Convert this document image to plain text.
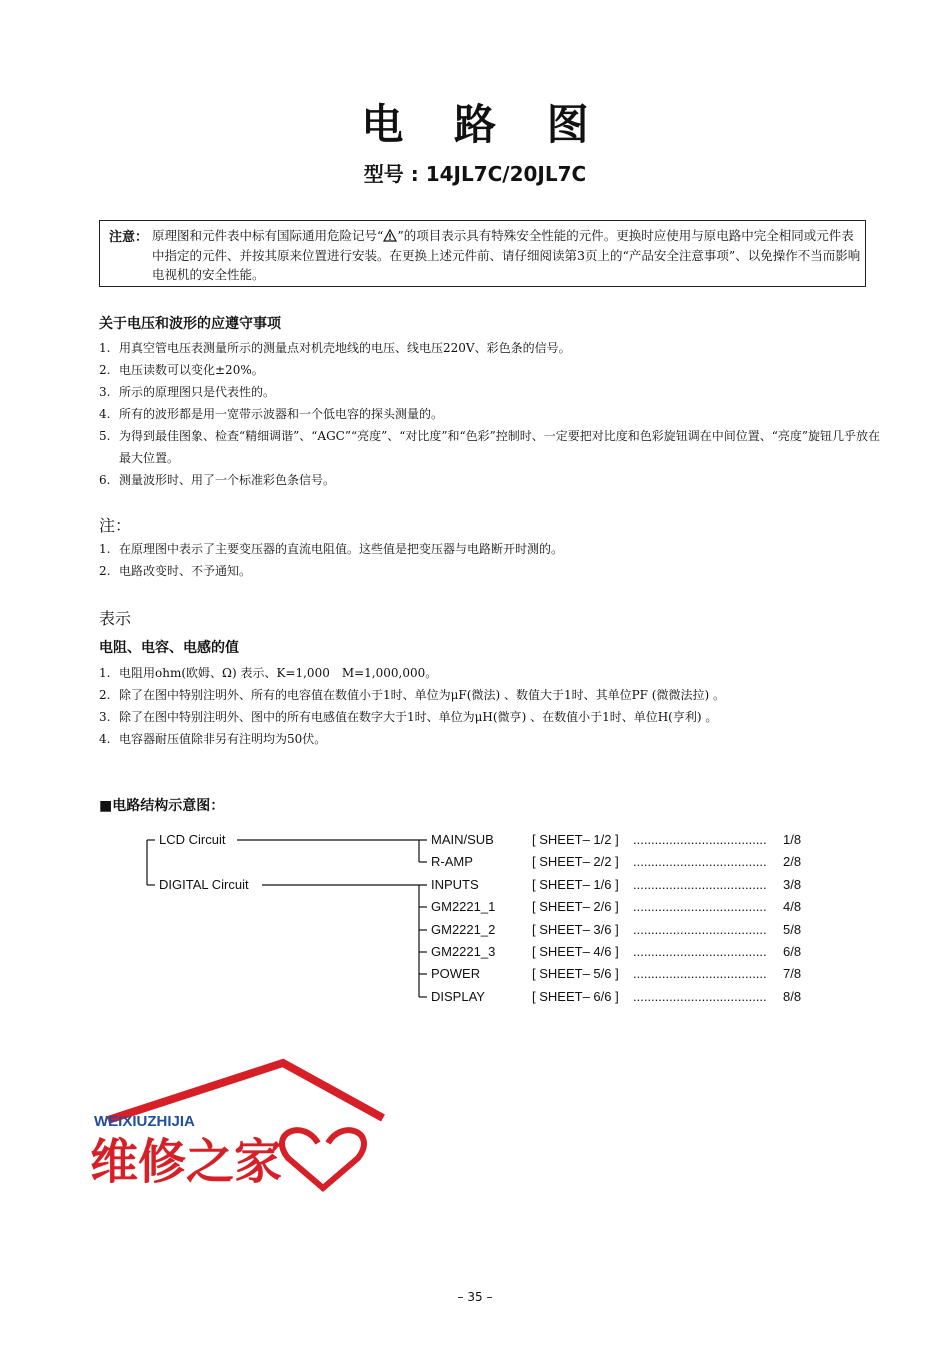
电 路 图
型号 : 14JL7C/20JL7C
注意： 原理图和元件表中标有国际通用危险记号“ ”的项目表示具有特殊安全性能的元件。更换时应使用与原电路中完全相同或元件表中指定的元件、并按其原来位置进行安装。在更换上述元件前、请仔细阅读第3页上的“产品安全注意事项”、以免操作不当而影响电视机的安全性能。
关于电压和波形的应遵守事项
1. 用真空管电压表测量所示的测量点对机壳地线的电压、线电压220V、彩色条的信号。
2. 电压读数可以变化±20%。
3. 所示的原理图只是代表性的。
4. 所有的波形都是用一宽带示波器和一个低电容的探头测量的。
5. 为得到最佳图象、检查“精细调谐”、“AGC”“亮度”、“对比度”和“色彩”控制时、一定要把对比度和色彩旋钮调在中间位置、“亮度”旋钮几乎放在最大位置。
6. 测量波形时、用了一个标准彩色条信号。
注：
1. 在原理图中表示了主要变压器的直流电阻值。这些值是把变压器与电路断开时测的。
2. 电路改变时、不予通知。
表示
电阻、电容、电感的值
1. 电阻用ohm(欧姆、Ω) 表示、K=1,000　M=1,000,000。
2. 除了在图中特别注明外、所有的电容值在数值小于1时、单位为μF(微法) 、数值大于1时、其单位PF (微微法拉) 。
3. 除了在图中特别注明外、图中的所有电感值在数字大于1时、单位为μH(微亨) 、在数值小于1时、单位H(亨利) 。
4. 电容器耐压值除非另有注明均为50伏。
■电路结构示意图：
LCD Circuit
DIGITAL Circuit
MAIN/SUB	[ SHEET– 1/2 ] .....................................	1/8
R-AMP	[ SHEET– 2/2 ] .....................................	2/8
INPUTS	[ SHEET– 1/6 ] .....................................	3/8
GM2221_1	[ SHEET– 2/6 ] .....................................	4/8
GM2221_2	[ SHEET– 3/6 ] .....................................	5/8
GM2221_3	[ SHEET– 4/6 ] .....................................	6/8
POWER	[ SHEET– 5/6 ] .....................................	7/8
DISPLAY	[ SHEET– 6/6 ] .....................................	8/8
WEIXIUZHIJIA
维修之家
– 35 –
